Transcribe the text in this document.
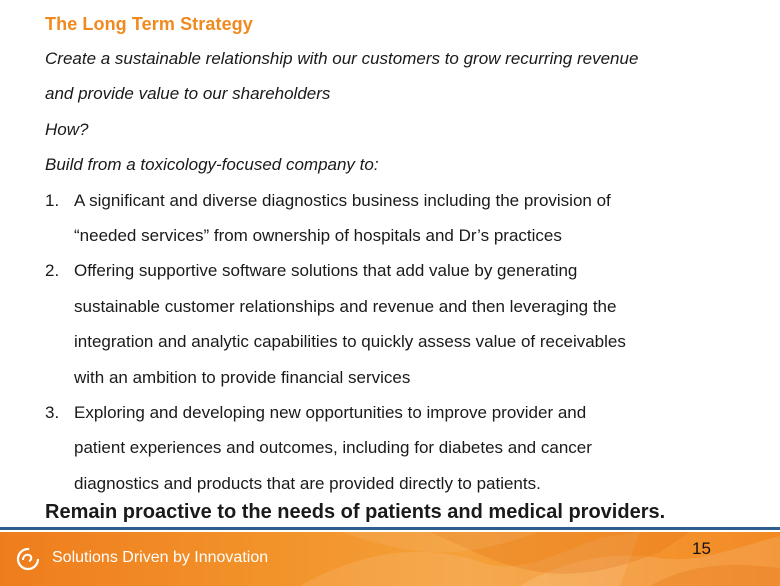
The Long Term Strategy
Create a sustainable relationship with our customers to grow recurring revenue
and provide value to our shareholders
How?
Build from a toxicology-focused company to:
1. A significant and diverse diagnostics business including the provision of
“needed services” from ownership of hospitals and Dr’s practices
2. Offering supportive software solutions that add value by generating
sustainable customer relationships and revenue and then leveraging the
integration and analytic capabilities to quickly assess value of receivables
with an ambition to provide financial services
3. Exploring and developing new opportunities to improve provider and
patient experiences and outcomes, including for diabetes and cancer
diagnostics and products that are provided directly to patients.
Remain proactive to the needs of patients and medical providers.
Solutions Driven by Innovation	15
